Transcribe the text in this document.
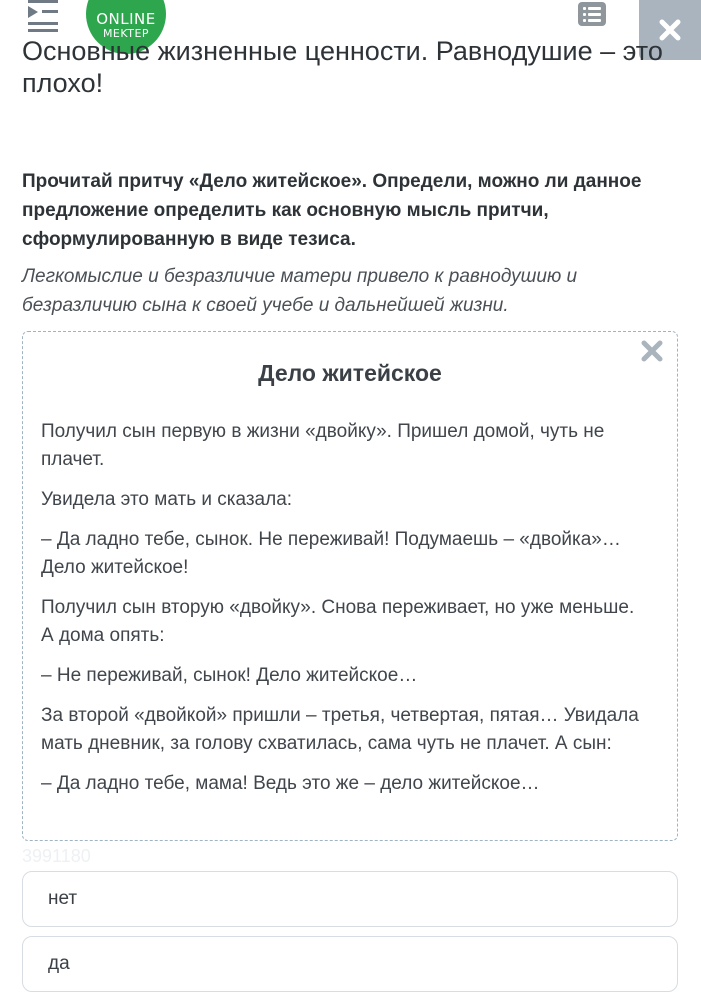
ONLINE
MEKTEP
Основные жизненные ценности. Равнодушие – это
плохо!
Прочитай притчу «Дело житейское». Определи, можно ли данное предложение определить как основную мысль притчи, сформулированную в виде тезиса.
Легкомыслие и безразличие матери привело к равнодушию и безразличию сына к своей учебе и дальнейшей жизни.
Дело житейское

Получил сын первую в жизни «двойку». Пришел домой, чуть не плачет.

Увидела это мать и сказала:

– Да ладно тебе, сынок. Не переживай! Подумаешь – «двойка»… Дело житейское!

Получил сын вторую «двойку». Снова переживает, но уже меньше. А дома опять:

– Не переживай, сынок! Дело житейское…

За второй «двойкой» пришли – третья, четвертая, пятая… Увидала мать дневник, за голову схватилась, сама чуть не плачет. А сын:

– Да ладно тебе, мама! Ведь это же – дело житейское…

3991180
нет
да
